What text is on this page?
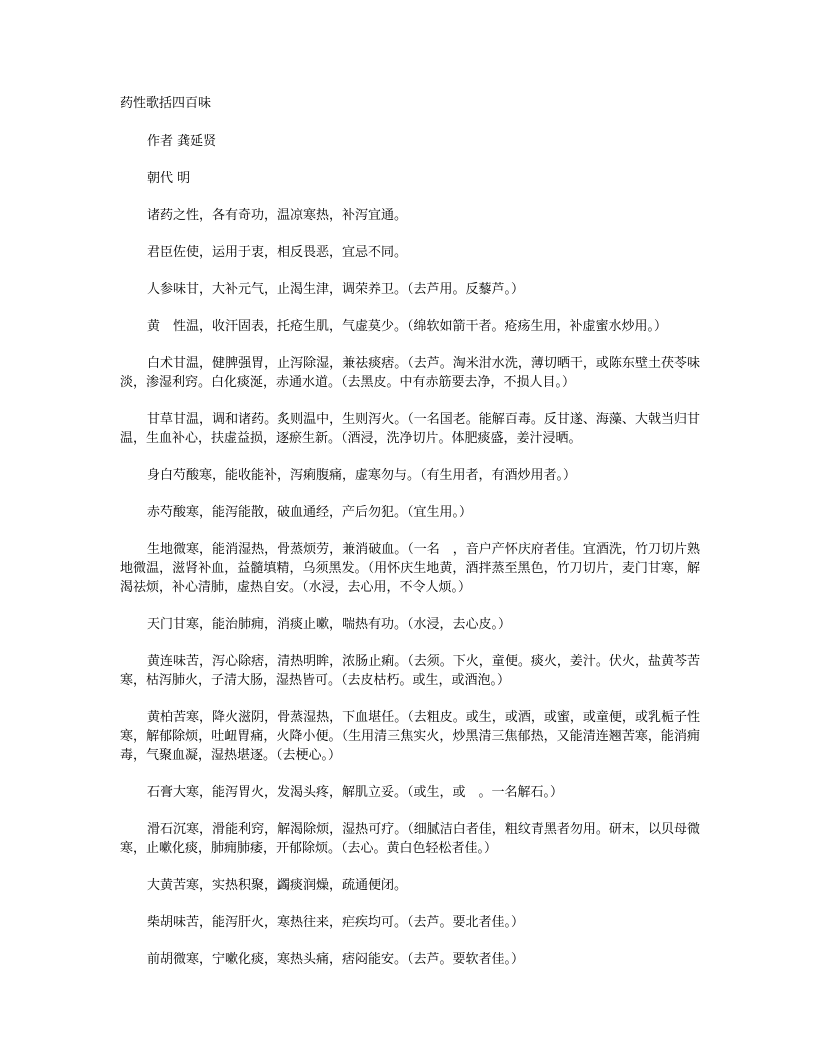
药性歌括四百味
作者 龚延贤
朝代 明
诸药之性，各有奇功，温凉寒热，补泻宜通。
君臣佐使，运用于衷，相反畏恶，宜忌不同。
人参味甘，大补元气，止渴生津，调荣养卫。（去芦用。反藜芦。）
黄　性温，收汗固表，托疮生肌，气虚莫少。（绵软如箭干者。疮疡生用，补虚蜜水炒用。）
白术甘温，健脾强胃，止泻除湿，兼祛痰痞。（去芦。淘米泔水洗，薄切晒干，或陈东壁土茯苓味淡，渗湿利窍。白化痰涎，赤通水道。（去黑皮。中有赤筋要去净，不损人目。）
甘草甘温，调和诸药。炙则温中，生则泻火。（一名国老。能解百毒。反甘遂、海藻、大戟当归甘温，生血补心，扶虚益损，逐瘀生新。（酒浸，洗净切片。体肥痰盛，姜汁浸晒。
身白芍酸寒，能收能补，泻痢腹痛，虚寒勿与。（有生用者，有酒炒用者。）
赤芍酸寒，能泻能散，破血通经，产后勿犯。（宜生用。）
生地微寒，能消湿热，骨蒸烦劳，兼消破血。（一名　，音户产怀庆府者佳。宜酒洗，竹刀切片熟地微温，滋肾补血，益髓填精，乌须黑发。（用怀庆生地黄，酒拌蒸至黑色，竹刀切片，麦门甘寒，解渴祛烦，补心清肺，虚热自安。（水浸，去心用，不令人烦。）
天门甘寒，能治肺痈，消痰止嗽，喘热有功。（水浸，去心皮。）
黄连味苦，泻心除痞，清热明眸，浓肠止痢。（去须。下火，童便。痰火，姜汁。伏火，盐黄芩苦寒，枯泻肺火，子清大肠，湿热皆可。（去皮枯朽。或生，或酒泡。）
黄柏苦寒，降火滋阴，骨蒸湿热，下血堪任。（去粗皮。或生，或酒，或蜜，或童便，或乳栀子性寒，解郁除烦，吐衄胃痛，火降小便。（生用清三焦实火，炒黑清三焦郁热，又能清连翘苦寒，能消痈毒，气聚血凝，湿热堪逐。（去梗心。）
石膏大寒，能泻胃火，发渴头疼，解肌立妥。（或生，或　。一名解石。）
滑石沉寒，滑能利窍，解渴除烦，湿热可疗。（细腻洁白者佳，粗纹青黑者勿用。研末，以贝母微寒，止嗽化痰，肺痈肺痿，开郁除烦。（去心。黄白色轻松者佳。）
大黄苦寒，实热积聚，蠲痰润燥，疏通便闭。
柴胡味苦，能泻肝火，寒热往来，疟疾均可。（去芦。要北者佳。）
前胡微寒，宁嗽化痰，寒热头痛，痞闷能安。（去芦。要软者佳。）
